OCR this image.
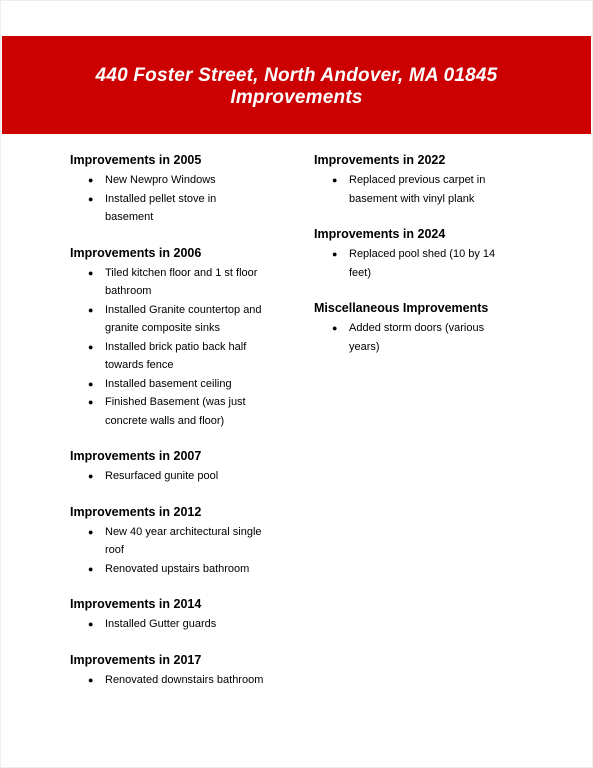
440 Foster Street, North Andover, MA 01845

Improvements

Improvements in 2005
● New Newpro Windows
● Installed pellet stove in basement
Improvements in 2006
● Tiled kitchen floor and 1 st floor bathroom
● Installed Granite countertop and granite composite sinks
● Installed brick patio back half towards fence
● Installed basement ceiling
● Finished Basement (was just concrete walls and floor)
Improvements in 2007
● Resurfaced gunite pool
Improvements in 2012
● New 40 year architectural single roof
● Renovated upstairs bathroom
Improvements in 2014
● Installed Gutter guards
Improvements in 2017
● Renovated downstairs bathroom
Improvements in 2022
● Replaced previous carpet in basement with vinyl plank
Improvements in 2024
● Replaced pool shed (10 by 14 feet)
Miscellaneous Improvements
● Added storm doors (various years)
